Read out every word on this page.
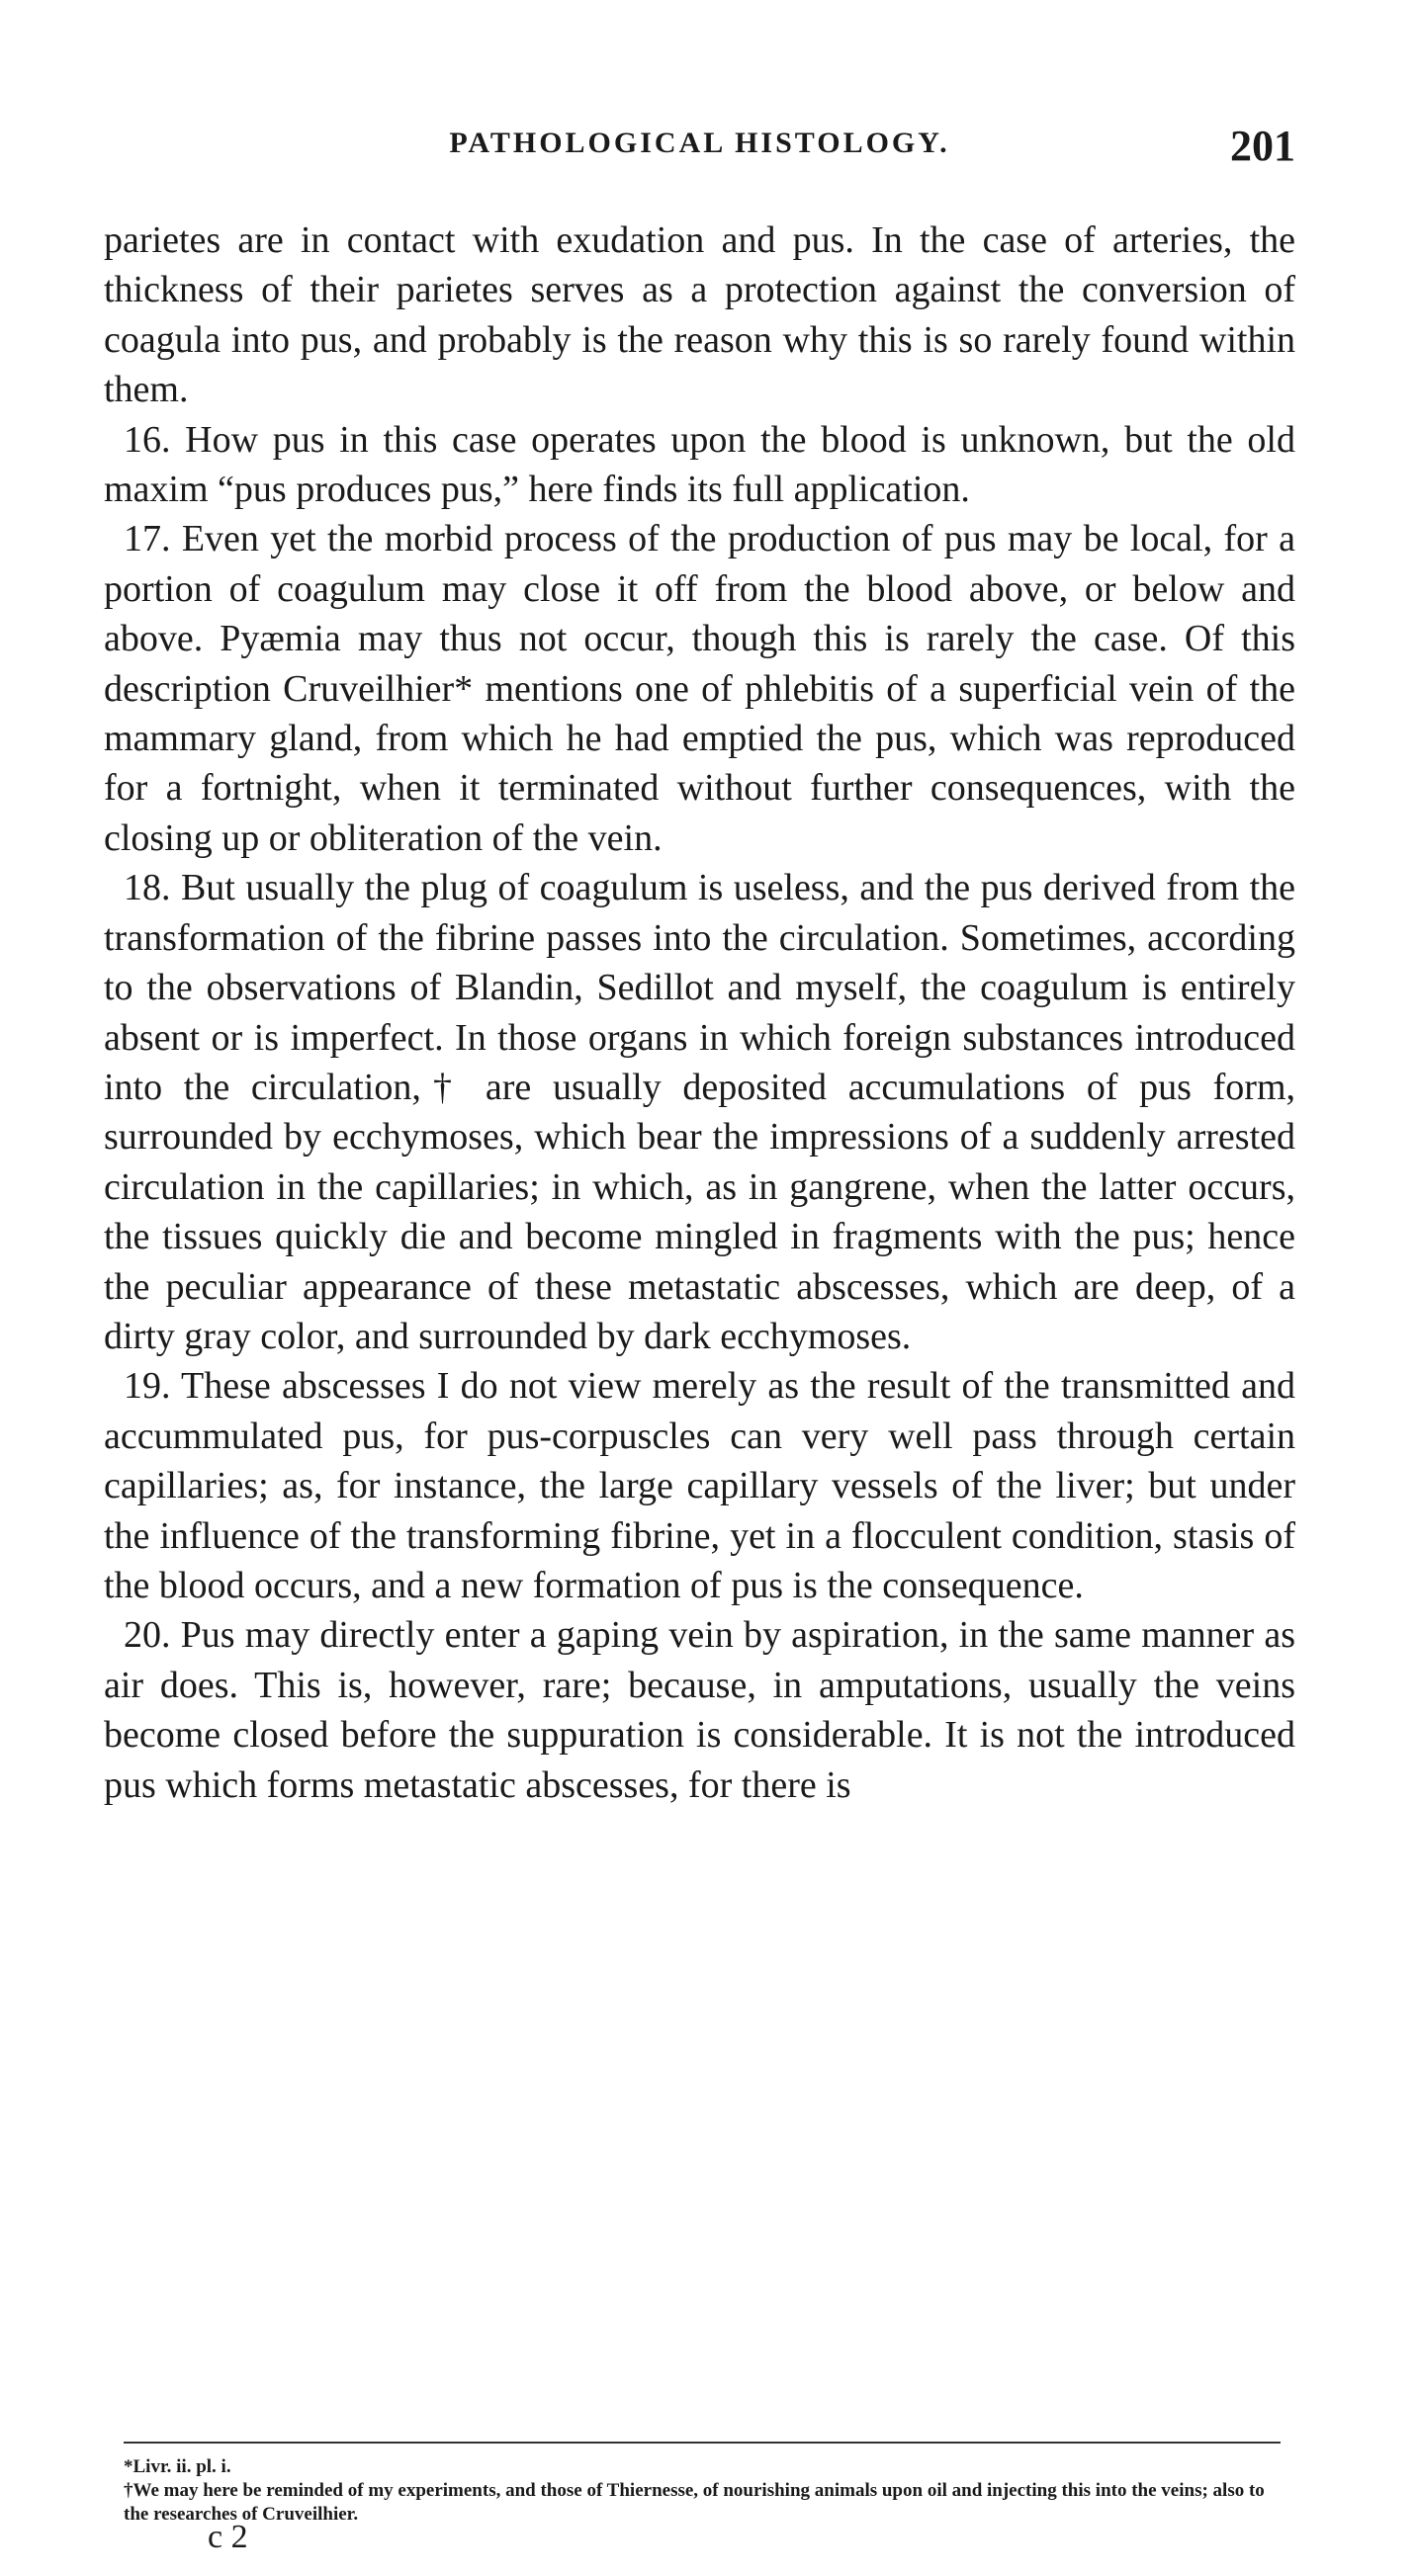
PATHOLOGICAL HISTOLOGY.	201

parietes are in contact with exudation and pus. In the case of arteries, the thickness of their parietes serves as a protection against the conversion of coagula into pus, and probably is the reason why this is so rarely found within them.

16. How pus in this case operates upon the blood is unknown, but the old maxim “pus produces pus,” here finds its full application.

17. Even yet the morbid process of the production of pus may be local, for a portion of coagulum may close it off from the blood above, or below and above. Pyæmia may thus not occur, though this is rarely the case. Of this description Cruveilhier* mentions one of phlebitis of a superficial vein of the mammary gland, from which he had emptied the pus, which was reproduced for a fortnight, when it terminated without further consequences, with the closing up or obliteration of the vein.

18. But usually the plug of coagulum is useless, and the pus derived from the transformation of the fibrine passes into the circulation. Sometimes, according to the observations of Blandin, Sedillot and myself, the coagulum is entirely absent or is imperfect. In those organs in which foreign substances introduced into the circulation,† are usually deposited accumulations of pus form, surrounded by ecchymoses, which bear the impressions of a suddenly arrested circulation in the capillaries; in which, as in gangrene, when the latter occurs, the tissues quickly die and become mingled in fragments with the pus; hence the peculiar appearance of these metastatic abscesses, which are deep, of a dirty gray color, and surrounded by dark ecchymoses.

19. These abscesses I do not view merely as the result of the transmitted and accummulated pus, for pus-corpuscles can very well pass through certain capillaries; as, for instance, the large capillary vessels of the liver; but under the influence of the transforming fibrine, yet in a flocculent condition, stasis of the blood occurs, and a new formation of pus is the consequence.

20. Pus may directly enter a gaping vein by aspiration, in the same manner as air does. This is, however, rare; because, in amputations, usually the veins become closed before the suppuration is considerable. It is not the introduced pus which forms metastatic abscesses, for there is

*Livr. ii. pl. i.

†We may here be reminded of my experiments, and those of Thiernesse, of nourishing animals upon oil and injecting this into the veins; also to the researches of Cruveilhier.

c 2
